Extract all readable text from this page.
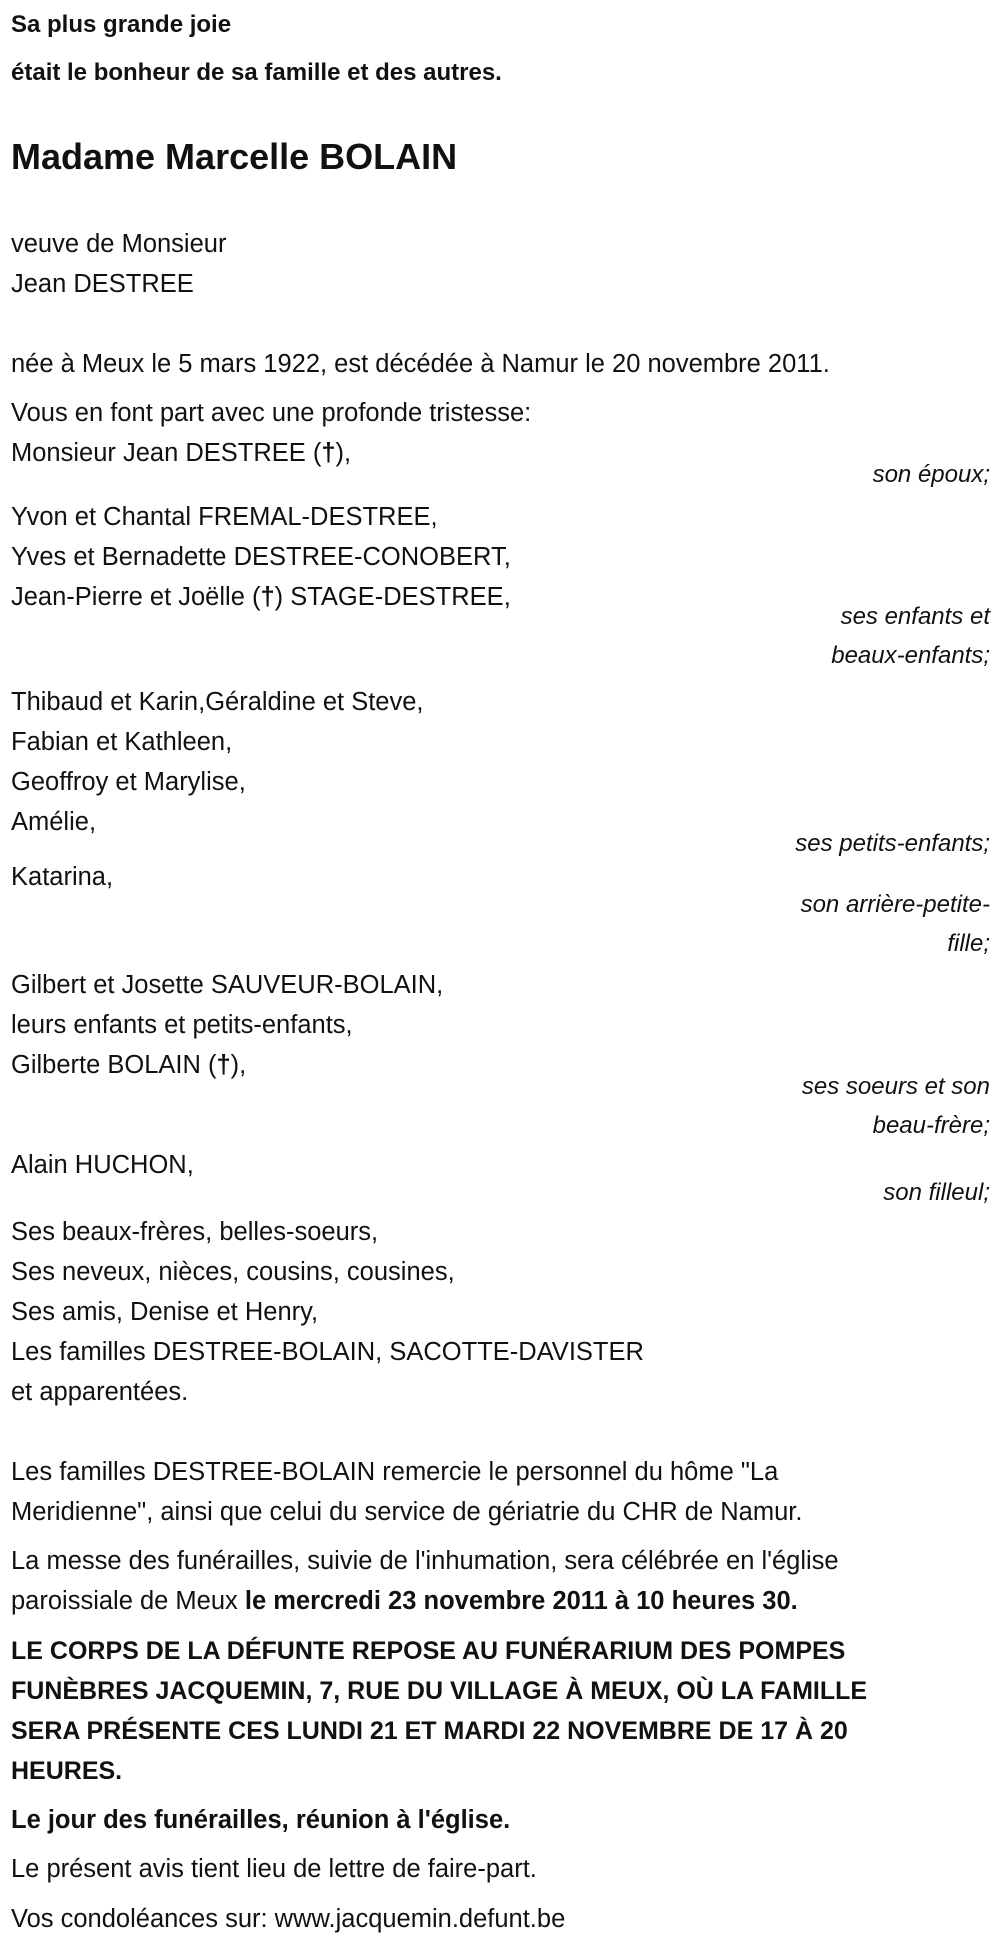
Sa plus grande joie
était le bonheur de sa famille et des autres.
Madame Marcelle BOLAIN
veuve de Monsieur
Jean DESTREE
née à Meux le 5 mars 1922, est décédée à Namur le 20 novembre 2011.
Vous en font part avec une profonde tristesse:
Monsieur Jean DESTREE (†),
son époux;
Yvon et Chantal FREMAL-DESTREE,
Yves et Bernadette DESTREE-CONOBERT,
Jean-Pierre et Joëlle (†) STAGE-DESTREE,
ses enfants et
beaux-enfants;
Thibaud et Karin,Géraldine et Steve,
Fabian et Kathleen,
Geoffroy et Marylise,
Amélie,
ses petits-enfants;
Katarina,
son arrière-petite-
fille;
Gilbert et Josette SAUVEUR-BOLAIN,
leurs enfants et petits-enfants,
Gilberte BOLAIN (†),
ses soeurs et son
beau-frère;
Alain HUCHON,
son filleul;
Ses beaux-frères, belles-soeurs,
Ses neveux, nièces, cousins, cousines,
Ses amis, Denise et Henry,
Les familles DESTREE-BOLAIN, SACOTTE-DAVISTER
et apparentées.
Les familles DESTREE-BOLAIN remercie le personnel du hôme "La
Meridienne", ainsi que celui du service de gériatrie du CHR de Namur.
La messe des funérailles, suivie de l'inhumation, sera célébrée en l'église
paroissiale de Meux le mercredi 23 novembre 2011 à 10 heures 30.
LE CORPS DE LA DÉFUNTE REPOSE AU FUNÉRARIUM DES POMPES
FUNÈBRES JACQUEMIN, 7, RUE DU VILLAGE À MEUX, OÙ LA FAMILLE
SERA PRÉSENTE CES LUNDI 21 ET MARDI 22 NOVEMBRE DE 17 À 20
HEURES.
Le jour des funérailles, réunion à l'église.
Le présent avis tient lieu de lettre de faire-part.
Vos condoléances sur: www.jacquemin.defunt.be
